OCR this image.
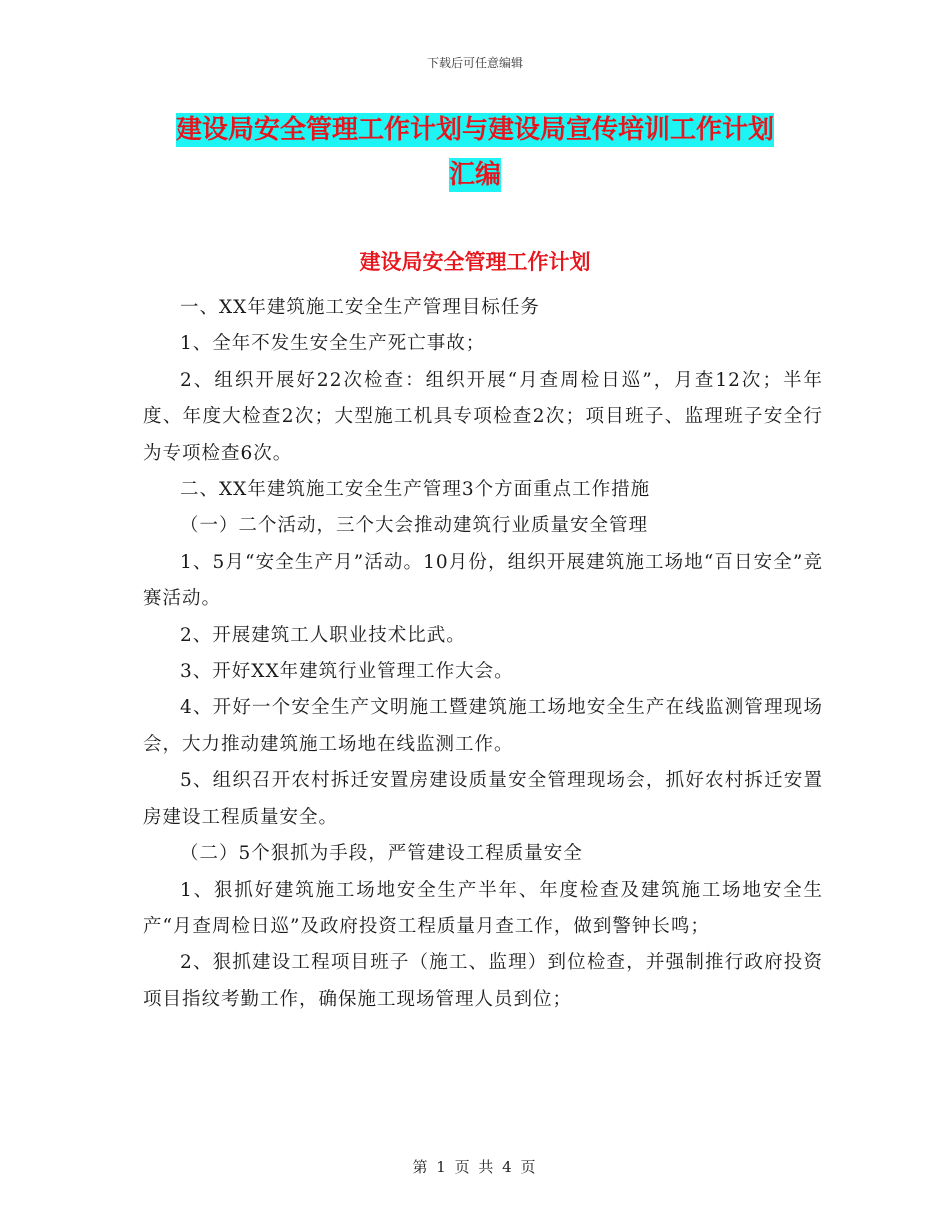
下载后可任意编辑
建设局安全管理工作计划与建设局宣传培训工作计划
汇编
建设局安全管理工作计划

一、XX年建筑施工安全生产管理目标任务

1、全年不发生安全生产死亡事故；

2、组织开展好22次检查：组织开展“月查周检日巡”，月查12次；半年度、年度大检查2次；大型施工机具专项检查2次；项目班子、监理班子安全行为专项检查6次。

二、XX年建筑施工安全生产管理3个方面重点工作措施

（一）二个活动，三个大会推动建筑行业质量安全管理

1、5月“安全生产月”活动。10月份，组织开展建筑施工场地“百日安全”竞赛活动。

2、开展建筑工人职业技术比武。

3、开好XX年建筑行业管理工作大会。

4、开好一个安全生产文明施工暨建筑施工场地安全生产在线监测管理现场会，大力推动建筑施工场地在线监测工作。

5、组织召开农村拆迁安置房建设质量安全管理现场会，抓好农村拆迁安置房建设工程质量安全。

（二）5个狠抓为手段，严管建设工程质量安全

1、狠抓好建筑施工场地安全生产半年、年度检查及建筑施工场地安全生产“月查周检日巡”及政府投资工程质量月查工作，做到警钟长鸣；

2、狠抓建设工程项目班子（施工、监理）到位检查，并强制推行政府投资项目指纹考勤工作，确保施工现场管理人员到位；

第 1 页 共 4 页
